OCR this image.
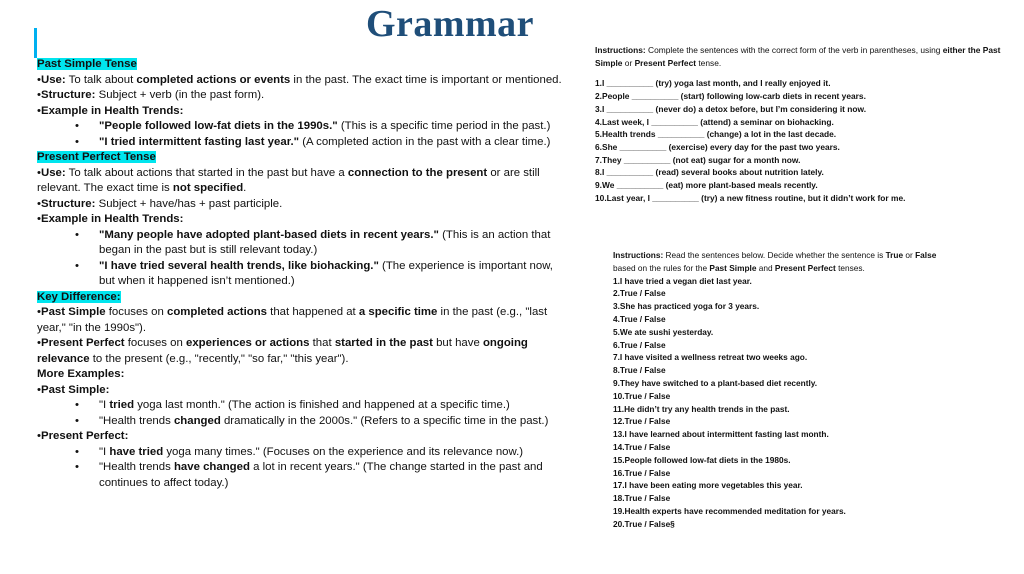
Grammar

Past Simple Tense

•Use: To talk about completed actions or events in the past. The exact time is important or mentioned.

•Structure: Subject + verb (in the past form).

•Example in Health Trends:

• "People followed low-fat diets in the 1990s." (This is a specific time period in the past.)

• "I tried intermittent fasting last year." (A completed action in the past with a clear time.)

Present Perfect Tense

•Use: To talk about actions that started in the past but have a connection to the present or are still relevant. The exact time is not specified.

•Structure: Subject + have/has + past participle.

•Example in Health Trends:

• "Many people have adopted plant-based diets in recent years." (This is an action that began in the past but is still relevant today.)

• "I have tried several health trends, like biohacking." (The experience is important now, but when it happened isn’t mentioned.)

Key Difference:

•Past Simple focuses on completed actions that happened at a specific time in the past (e.g., "last year," "in the 1990s").

•Present Perfect focuses on experiences or actions that started in the past but have ongoing relevance to the present (e.g., "recently," "so far," "this year").

More Examples:

•Past Simple:

• "I tried yoga last month." (The action is finished and happened at a specific time.)

• "Health trends changed dramatically in the 2000s." (Refers to a specific time in the past.)

•Present Perfect:

• "I have tried yoga many times." (Focuses on the experience and its relevance now.)

• "Health trends have changed a lot in recent years." (The change started in the past and continues to affect today.)

Instructions: Complete the sentences with the correct form of the verb in parentheses, using either the Past Simple or Present Perfect tense.

1.I __________ (try) yoga last month, and I really enjoyed it.

2.People __________ (start) following low-carb diets in recent years.

3.I __________ (never do) a detox before, but I’m considering it now.

4.Last week, I __________ (attend) a seminar on biohacking.

5.Health trends __________ (change) a lot in the last decade.

6.She __________ (exercise) every day for the past two years.

7.They __________ (not eat) sugar for a month now.

8.I __________ (read) several books about nutrition lately.

9.We __________ (eat) more plant-based meals recently.

10.Last year, I __________ (try) a new fitness routine, but it didn’t work for me.

Instructions: Read the sentences below. Decide whether the sentence is True or False based on the rules for the Past Simple and Present Perfect tenses.

1.I have tried a vegan diet last year.

2.True / False

3.She has practiced yoga for 3 years.

4.True / False

5.We ate sushi yesterday.

6.True / False

7.I have visited a wellness retreat two weeks ago.

8.True / False

9.They have switched to a plant-based diet recently.

10.True / False

11.He didn’t try any health trends in the past.

12.True / False

13.I have learned about intermittent fasting last month.

14.True / False

15.People followed low-fat diets in the 1980s.

16.True / False

17.I have been eating more vegetables this year.

18.True / False

19.Health experts have recommended meditation for years.

20.True / False§
